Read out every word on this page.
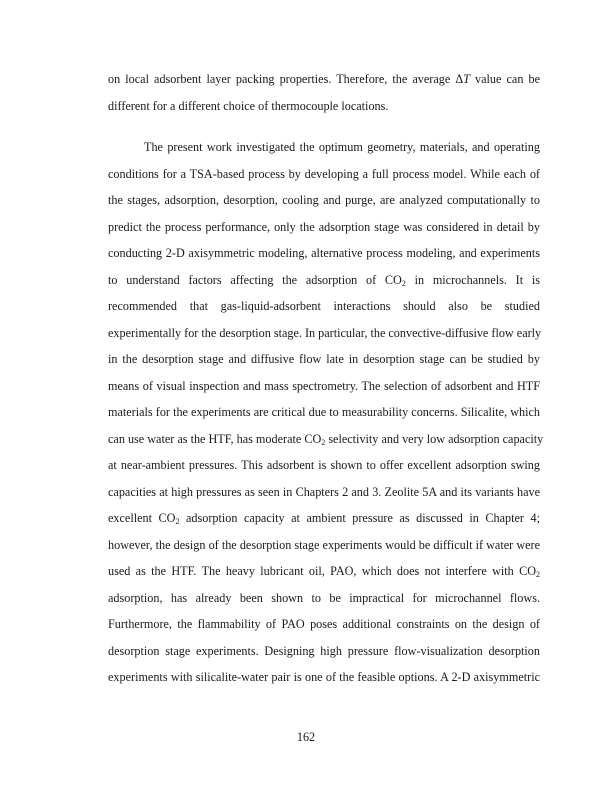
on local adsorbent layer packing properties. Therefore, the average ΔT value can be
different for a different choice of thermocouple locations.
The present work investigated the optimum geometry, materials, and operating
conditions for a TSA-based process by developing a full process model. While each of
the stages, adsorption, desorption, cooling and purge, are analyzed computationally to
predict the process performance, only the adsorption stage was considered in detail by
conducting 2-D axisymmetric modeling, alternative process modeling, and experiments
to understand factors affecting the adsorption of $CO_2$ in microchannels. It is
recommended that gas-liquid-adsorbent interactions should also be studied
experimentally for the desorption stage. In particular, the convective-diffusive flow early
in the desorption stage and diffusive flow late in desorption stage can be studied by
means of visual inspection and mass spectrometry. The selection of adsorbent and HTF
materials for the experiments are critical due to measurability concerns. Silicalite, which
can use water as the HTF, has moderate $CO_2$ selectivity and very low adsorption capacity
at near-ambient pressures. This adsorbent is shown to offer excellent adsorption swing
capacities at high pressures as seen in Chapters 2 and 3. Zeolite 5A and its variants have
excellent $CO_2$ adsorption capacity at ambient pressure as discussed in Chapter 4;
however, the design of the desorption stage experiments would be difficult if water were
used as the HTF. The heavy lubricant oil, PAO, which does not interfere with $CO_2$
adsorption, has already been shown to be impractical for microchannel flows.
Furthermore, the flammability of PAO poses additional constraints on the design of
desorption stage experiments. Designing high pressure flow-visualization desorption
experiments with silicalite-water pair is one of the feasible options. A 2-D axisymmetric
162
